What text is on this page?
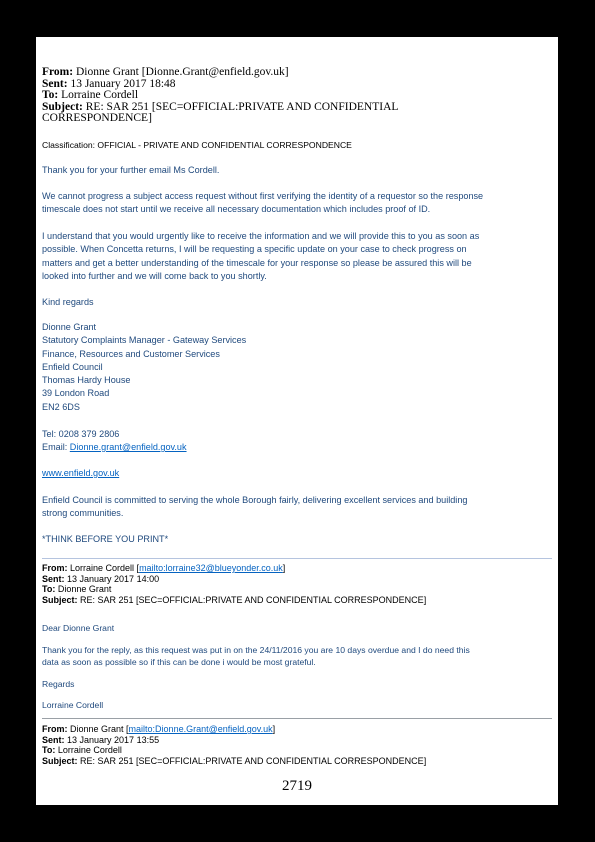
From: Dionne Grant [Dionne.Grant@enfield.gov.uk]
Sent: 13 January 2017 18:48
To: Lorraine Cordell
Subject: RE: SAR 251 [SEC=OFFICIAL:PRIVATE AND CONFIDENTIAL
CORRESPONDENCE]
Classification: OFFICIAL - PRIVATE AND CONFIDENTIAL CORRESPONDENCE
Thank you for your further email Ms Cordell.
We cannot progress a subject access request without first verifying the identity of a requestor so the response
timescale does not start until we receive all necessary documentation which includes proof of ID.
I understand that you would urgently like to receive the information and we will provide this to you as soon as
possible. When Concetta returns, I will be requesting a specific update on your case to check progress on
matters and get a better understanding of the timescale for your response so please be assured this will be
looked into further and we will come back to you shortly.
Kind regards
Dionne Grant
Statutory Complaints Manager - Gateway Services
Finance, Resources and Customer Services
Enfield Council
Thomas Hardy House
39 London Road
EN2 6DS
Tel: 0208 379 2806
Email: Dionne.grant@enfield.gov.uk
www.enfield.gov.uk
Enfield Council is committed to serving the whole Borough fairly, delivering excellent services and building
strong communities.
*THINK BEFORE YOU PRINT*
From: Lorraine Cordell [mailto:lorraine32@blueyonder.co.uk]
Sent: 13 January 2017 14:00
To: Dionne Grant
Subject: RE: SAR 251 [SEC=OFFICIAL:PRIVATE AND CONFIDENTIAL CORRESPONDENCE]
Dear Dionne Grant
Thank you for the reply, as this request was put in on the 24/11/2016 you are 10 days overdue and I do need this
data as soon as possible so if this can be done i would be most grateful.
Regards
Lorraine Cordell
From: Dionne Grant [mailto:Dionne.Grant@enfield.gov.uk]
Sent: 13 January 2017 13:55
To: Lorraine Cordell
Subject: RE: SAR 251 [SEC=OFFICIAL:PRIVATE AND CONFIDENTIAL CORRESPONDENCE]
2719
